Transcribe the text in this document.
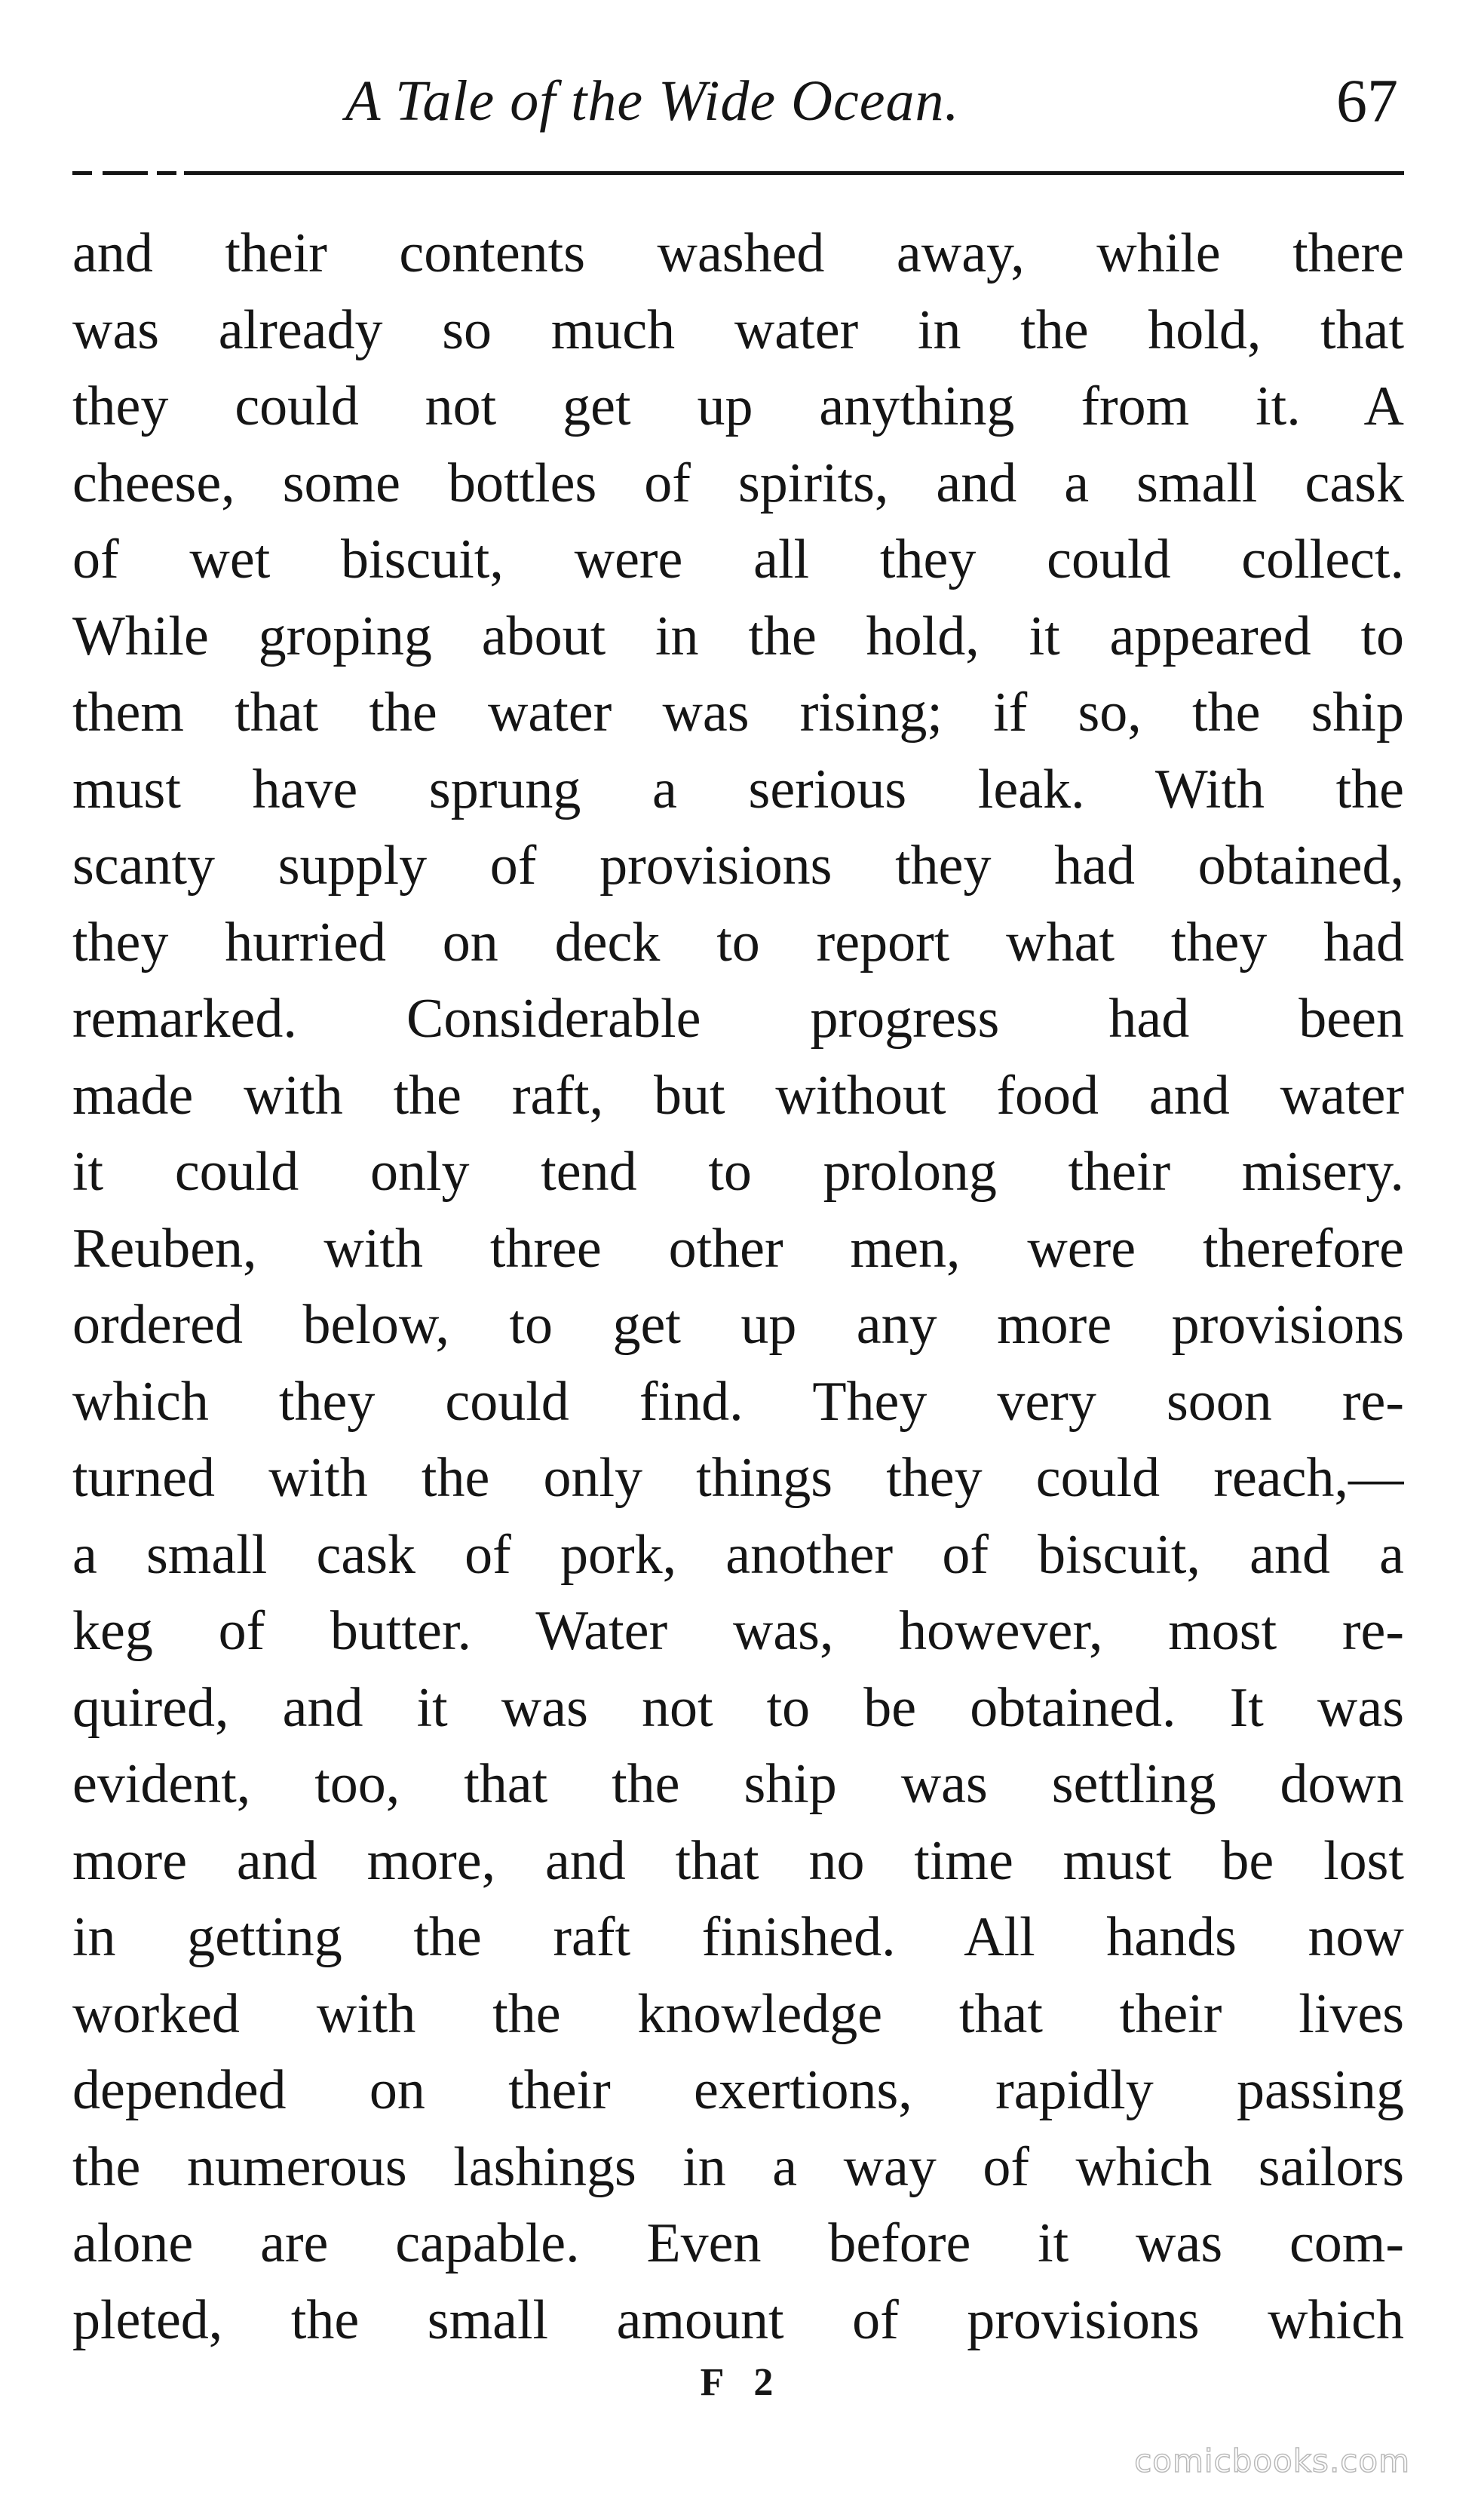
A Tale of the Wide Ocean.	67
and their contents washed away, while there
was already so much water in the hold, that
they could not get up anything from it. A
cheese, some bottles of spirits, and a small cask
of wet biscuit, were all they could collect.
While groping about in the hold, it appeared to
them that the water was rising; if so, the ship
must have sprung a serious leak. With the
scanty supply of provisions they had obtained,
they hurried on deck to report what they had
remarked. Considerable progress had been
made with the raft, but without food and water
it could only tend to prolong their misery.
Reuben, with three other men, were therefore
ordered below, to get up any more provisions
which they could find. They very soon re-
turned with the only things they could reach,—
a small cask of pork, another of biscuit, and a
keg of butter. Water was, however, most re-
quired, and it was not to be obtained. It was
evident, too, that the ship was settling down
more and more, and that no time must be lost
in getting the raft finished. All hands now
worked with the knowledge that their lives
depended on their exertions, rapidly passing
the numerous lashings in a way of which sailors
alone are capable. Even before it was com-
pleted, the small amount of provisions which
F 2
comicbooks.com
